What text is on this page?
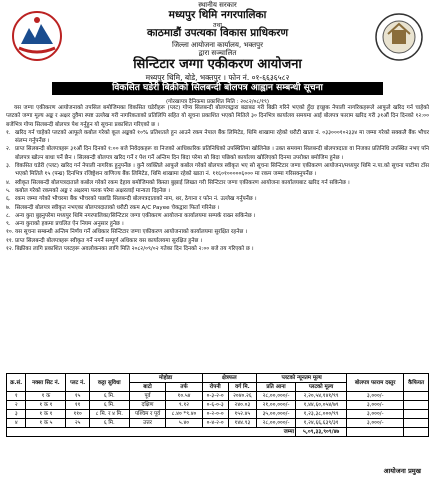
स्थानीय सरकार
मध्यपुर थिमि नगरपालिका
तथा
काठमाडौं उपत्यका विकास प्राधिकरण
जिल्ला आयोजना कार्यालय, भक्तपुर
द्वारा सञ्चालित
सिन्टिटार जग्गा एकीकरण आयोजना
मध्यपुर थिमि, बोडे, भक्तपुर । फोन नं. ०१-६६३६५८२
विकसित घडेरी बिक्रीको सिलबन्दी बोलपत्र आह्वान सम्बन्धी सूचना
(गोरखापत्र दैनिकमा प्रकाशित मिति : २०८२/०८/१९)

यस जग्गा एकीकरण आयोजनाको तपसिल बमोजिमका विकसित घडेरीहरू (प्लट) गोप्य सिलबन्दी बोलपत्रद्वारा बढाबढ गरी बिक्री गरिने भएको हुँदा इच्छुक नेपाली नागरिकहरूले आफुले खरिद गर्न चाहेको प्लटको जग्गा मूल्य अङ्क र अक्षर दुवैमा स्पष्ट उल्लेख गरी नागरिकताको प्रतिलिपि सहित यो सूचना प्रकाशित भएको मितिले ३० दिनभित्र कार्यालय समयमा आई बोलपत्र फाराम खरिद गरी ३१औं दिन दिनको १२:०० बजेभित्र गोप्य सिलबन्दी बोलपत्र पेश गर्नुहुन यो सूचना प्रकाशित गरिएको छ ।

१. खरिद गर्न चाहेको प्लटको आफूले कबोल गरेको कूल अङ्कको १०% प्रतिशतले हुन आउने रकम नेपाल बैंक लिमिटेड, थिमि शाखामा रहेको धरौटी खाता नं. ०३३०००१०२३३४ मा जम्मा गरेको सक्कलै बैंक भौचर संलग्न गर्नुपर्नेछ ।
२. प्राप्त सिलबन्दी बोलपत्रहरू ३१औं दिन दिनको १:०० बजे निवेदकहरू वा निजको आधिकारिक प्रतिनिधिको उपस्थितिमा खोलिनेछ । उक्त समयमा सिलबन्दी बोलपत्रदाता वा निजका प्रतिनिधि उपस्थित नभए पनि बोलपत्र खोल्न बाधा पर्ने छैन । सिलबन्दी बोलपत्र खरिद गर्ने र पेश गर्ने अन्तिम दिन बिदा परेमा सो बिदा पछिको कार्यालय खोलिएको दिनमा उपरोक्त बमोजिम हुनेछ ।
३. विकसित घडेरी (प्लट) खरिद गर्न नेपाली नागरिक हुनुपर्नेछ । कुनै व्यक्तिले आफूले कबोल गरेको बोलपत्र स्वीकृत भए सो सूचना सिन्टिटार जग्गा एकीकरण आयोजना/मध्यपुर थिमि न.पा.को सूचना पाटीमा टाँस भएको मितिले १५ (पन्ध्र) दिनभित्र रजिष्ट्रेशन वाणिज्य बैंक लिमिटेड, थिमि शाखामा रहेको खाता नं. ११६०१०००००६००० मा रकम जम्मा गरिसक्नुपर्नेछ ।
४. स्वीकृत सिलबन्दी बोलपत्रदाताले कबोल गरेको रकम देहाय बमोजिमको किस्ता बुझाई लिखत गरी सिन्टिटार जग्गा एकीकरण आयोजना कार्यालयबाट खरिद गर्न सकिनेछ ।
५. कबोल गरेको रकमको अङ्क र अक्षरमा फरक परेमा अक्षरलाई मान्यता दिइनेछ ।
६. रकम जम्मा गरेको भौचरमा बैंक भौचरको पछाडि सिलबन्दी बोलपत्रदाताको नाम, थर, ठेगाना र फोन नं. उल्लेख गर्नुपर्नेछ ।
७. सिलबन्दी बोलपत्र स्वीकृत नभएका बोलपत्रदाताको धरौटी रकम A/C Payee चेकद्वारा फिर्ता गरिनेछ ।
८. अन्य कुरा बुझ्नुपरेमा मध्यपुर थिमि नगरपालिका/सिन्टिटार जग्गा एकीकरण आयोजना कार्यालयमा सम्पर्क राख्न सकिनेछ ।
९. अन्य कुराको हकमा प्रचलित ऐन नियम अनुसार हुनेछ ।
१०. यस सूचना सम्बन्धी अन्तिम निर्णय गर्ने अधिकार सिन्टिटार जग्गा एकीकरण आयोजनाको कार्यालयमा सुरक्षित रहनेछ ।
११. प्राप्त सिलबन्दी बोलपत्रहरू स्वीकृत गर्ने नगर्ने सम्पूर्ण अधिकार यस कार्यालयमा सुरक्षित हुनेछ ।
१२. बिक्रीका लागि प्रकाशित प्लटहरू अवलोकनका लागि मिति २०८२/०९/०२ गतेका दिन दिनको २:०० बजे तय गरिएको छ ।
क्र.सं.	नक्सा सिट नं.	प्लट नं.	कट्टा सुविधा	मोहोडा		क्षेत्रफल		प्लटको न्यूनतम मूल्य		बोलपत्र फाराम दस्तुर	कैफियत
				बाटो	तर्फ	रोपनी	वर्ग मि.	प्रति आना	प्लटको मूल्य		
१	१ क	१५	६ मि.	पूर्व	१०.५४	०-३-२-०	२०४०.२६	२८,००,०००/-	२,२०,५४,१४१/९९	३,०००/-	
२	१ क १	११	६ मि.	दक्षिण	९.१२	०-६-०-३	२४०.०३	२१,००,०००/-	१,४४,६०,०५४/७९	३,०००/-	
३	१ क १	११०	८ मि. र ४ मि.	पश्चिम र पूर्व	८.४० *९.४०	०-२-०-०	१५२.४५	३५,००,०००/-	१,२३,३८,०००/९९	३,०००/-	
४	१ क ५	२५	६ मि.	उत्तर	५.४०	०-४-२-०	१४४.९३	२८,००,०००/-	१,२४,६६,६३९/३१	३,०००/-	
जम्मा									५,०९,३३,९०९/४७		
आयोजना प्रमुख
